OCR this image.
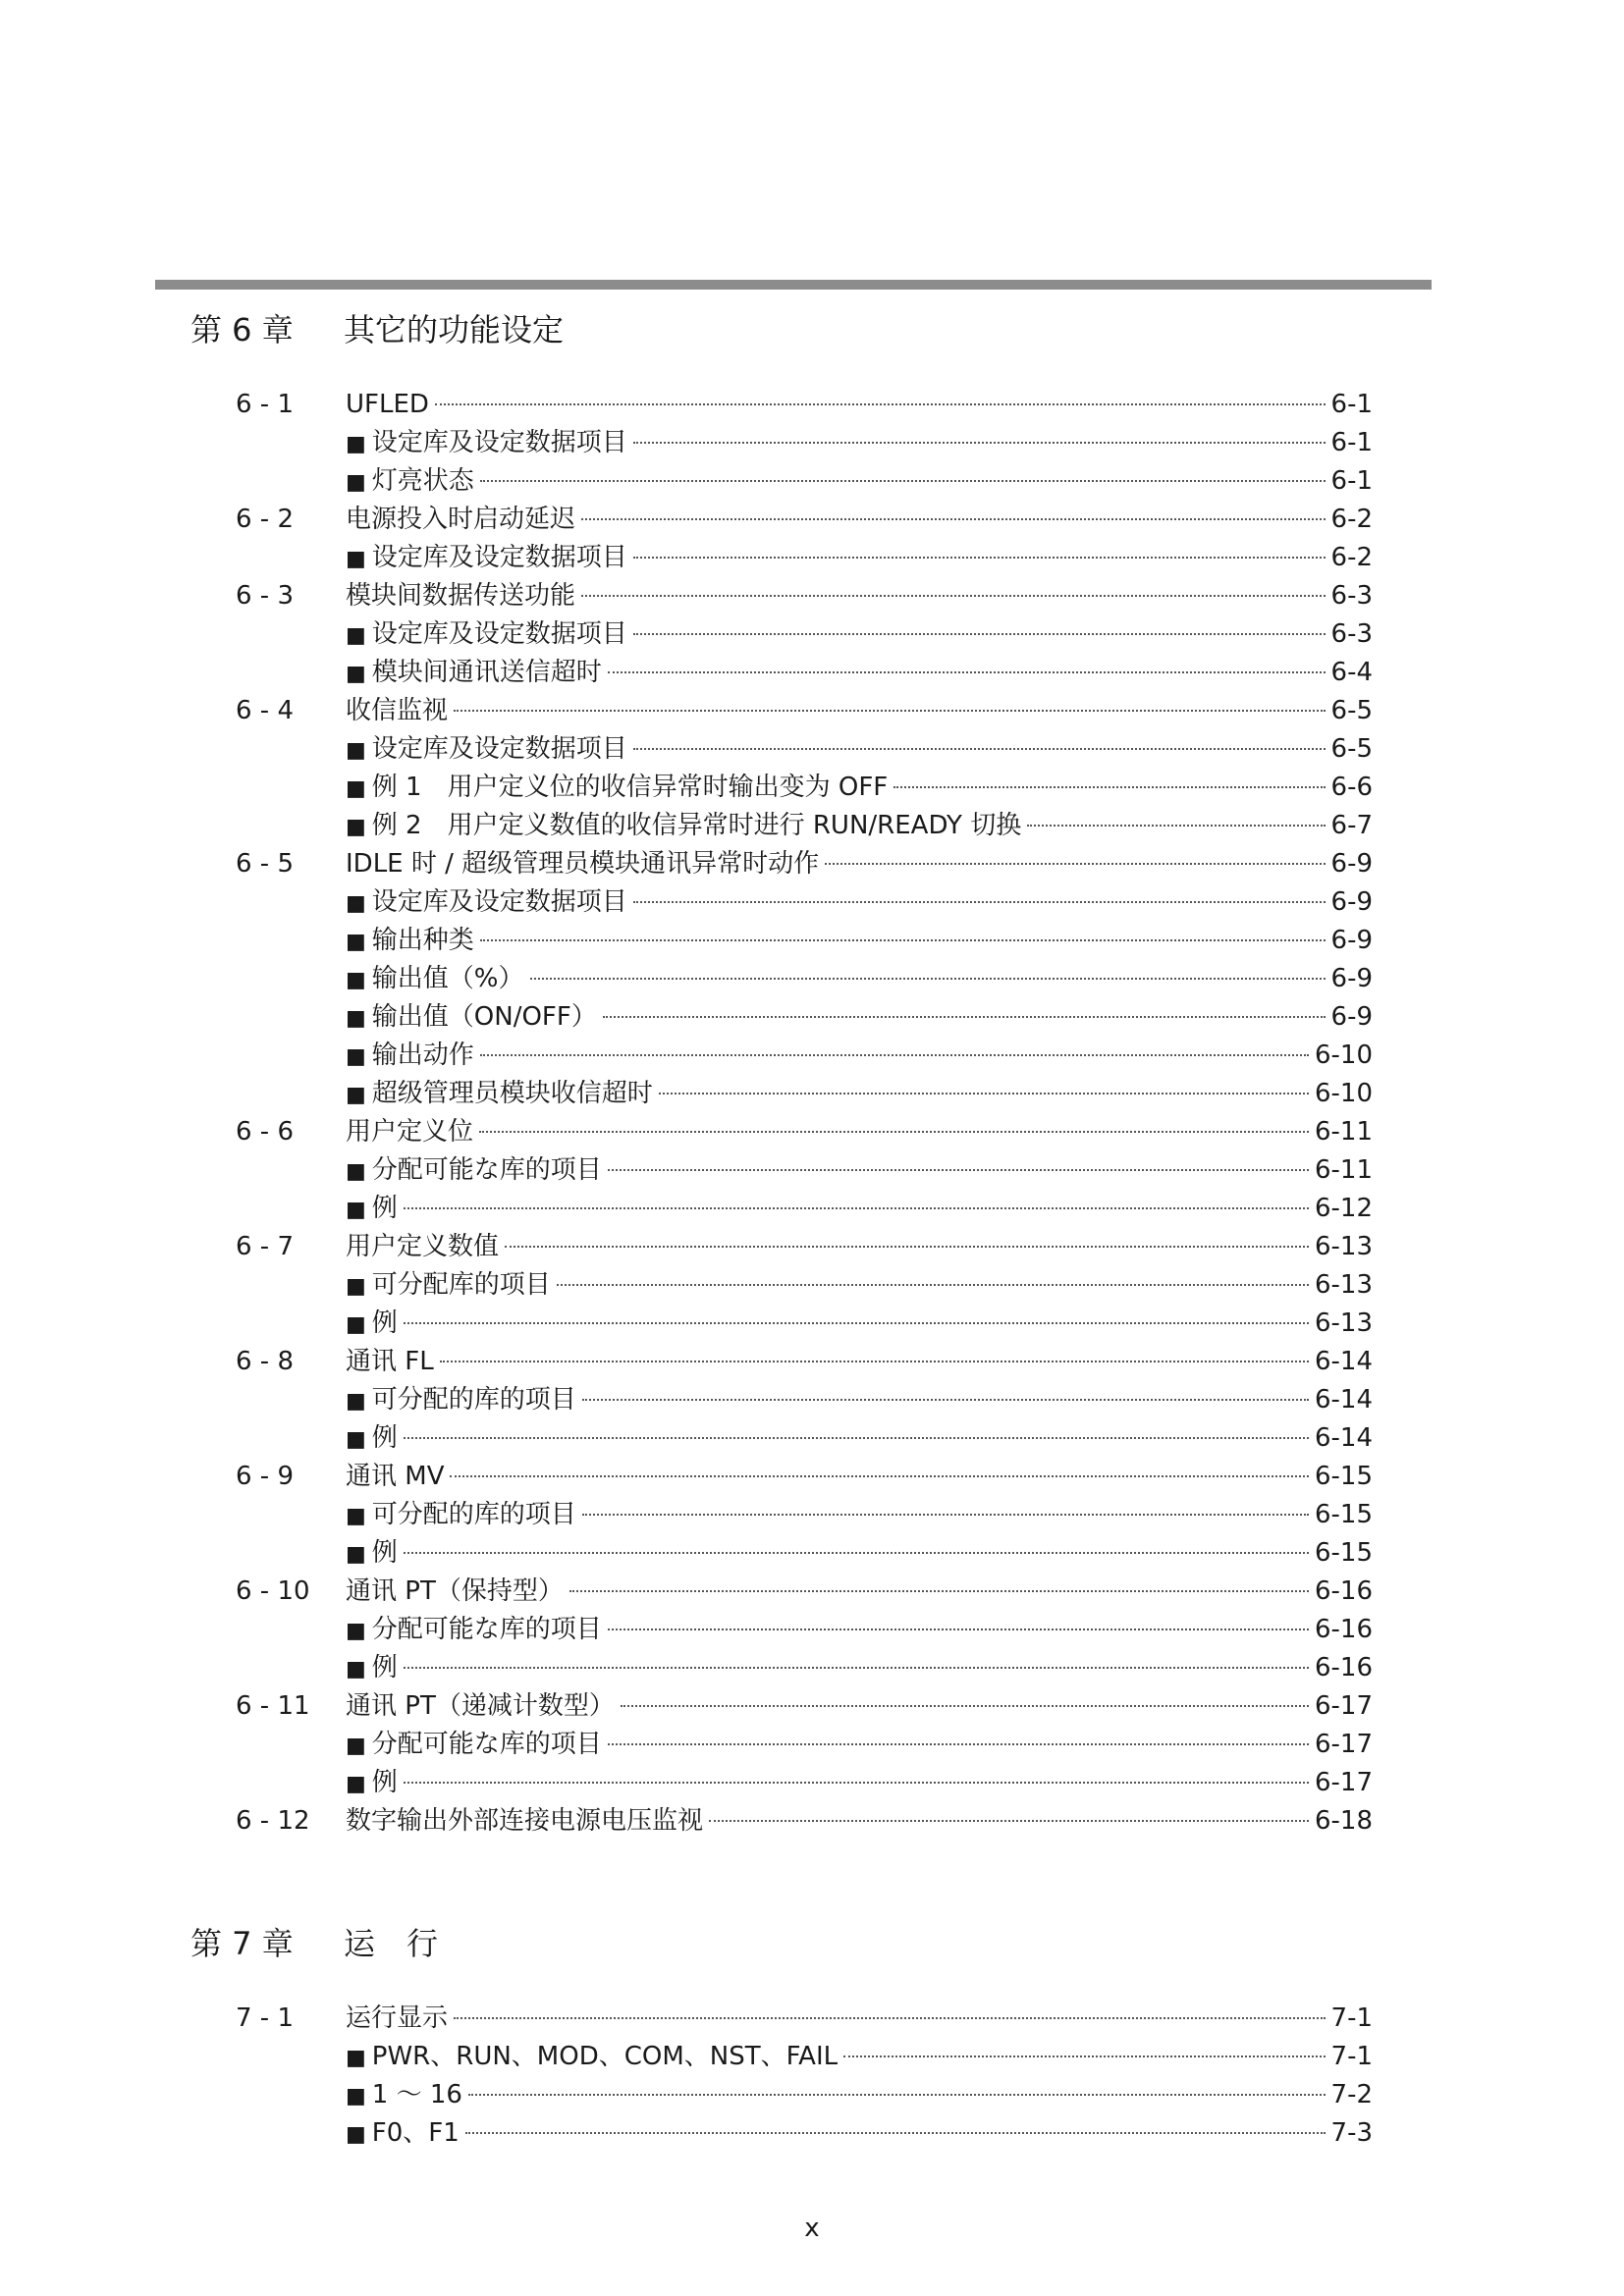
第 6 章	其它的功能设定
6 - 1	UFLED	6-1
■ 设定库及设定数据项目	6-1
■ 灯亮状态	6-1
6 - 2	电源投入时启动延迟	6-2
■ 设定库及设定数据项目	6-2
6 - 3	模块间数据传送功能	6-3
■ 设定库及设定数据项目	6-3
■ 模块间通讯送信超时	6-4
6 - 4	收信监视	6-5
■ 设定库及设定数据项目	6-5
■ 例 1　用户定义位的收信异常时输出变为 OFF	6-6
■ 例 2　用户定义数值的收信异常时进行 RUN/READY 切换	6-7
6 - 5	IDLE 时 / 超级管理员模块通讯异常时动作	6-9
■ 设定库及设定数据项目	6-9
■ 输出种类	6-9
■ 输出值（%）	6-9
■ 输出值（ON/OFF）	6-9
■ 输出动作	6-10
■ 超级管理员模块收信超时	6-10
6 - 6	用户定义位	6-11
■ 分配可能な库的项目	6-11
■ 例	6-12
6 - 7	用户定义数值	6-13
■ 可分配库的项目	6-13
■ 例	6-13
6 - 8	通讯 FL	6-14
■ 可分配的库的项目	6-14
■ 例	6-14
6 - 9	通讯 MV	6-15
■ 可分配的库的项目	6-15
■ 例	6-15
6 - 10	通讯 PT（保持型）	6-16
■ 分配可能な库的项目	6-16
■ 例	6-16
6 - 11	通讯 PT（递减计数型）	6-17
■ 分配可能な库的项目	6-17
■ 例	6-17
6 - 12	数字输出外部连接电源电压监视	6-18
第 7 章	运　行
7 - 1	运行显示	7-1
■ PWR、RUN、MOD、COM、NST、FAIL	7-1
■ 1 ～ 16	7-2
■ F0、F1	7-3
x
